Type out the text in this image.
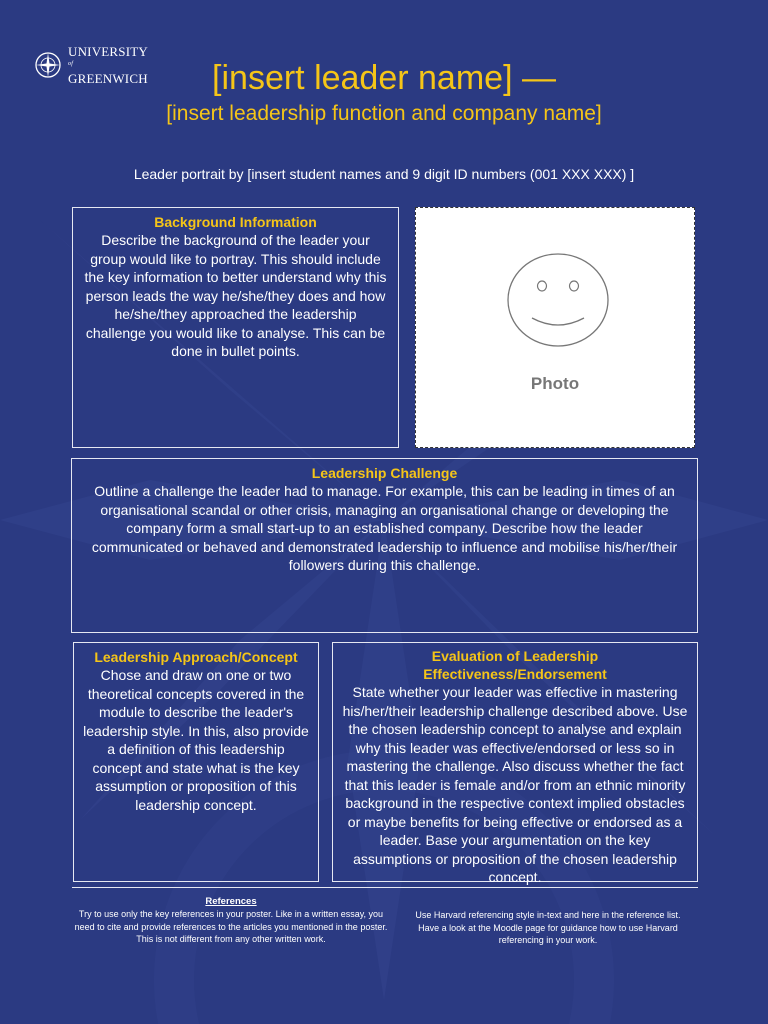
UNIVERSITY
$^{of}$
GREENWICH	[insert leader name] —
[insert leadership function and company name]
Leader portrait by [insert student names and 9 digit ID numbers (001 XXX XXX) ]
Background Information
Describe the background of the leader your group would like to portray. This should include the key information to better understand why this person leads the way he/she/they does and how he/she/they approached the leadership challenge you would like to analyse. This can be done in bullet points.
Photo
Leadership Challenge
Outline a challenge the leader had to manage. For example, this can be leading in times of an organisational scandal or other crisis, managing an organisational change or developing the company form a small start-up to an established company. Describe how the leader communicated or behaved and demonstrated leadership to influence and mobilise his/her/their followers during this challenge.
Leadership Approach/Concept
Chose and draw on one or two theoretical concepts covered in the module to describe the leader's leadership style. In this, also provide a definition of this leadership concept and state what is the key assumption or proposition of this leadership concept.
Evaluation of Leadership Effectiveness/Endorsement
State whether your leader was effective in mastering his/her/their leadership challenge described above. Use the chosen leadership concept to analyse and explain why this leader was effective/endorsed or less so in mastering the challenge. Also discuss whether the fact that this leader is female and/or from an ethnic minority background in the respective context implied obstacles or maybe benefits for being effective or endorsed as a leader. Base your argumentation on the key assumptions or proposition of the chosen leadership concept.
References
Try to use only the key references in your poster. Like in a written essay, you need to cite and provide references to the articles you mentioned in the poster.
This is not different from any other written work.
Use Harvard referencing style in-text and here in the reference list. Have a look at the Moodle page for guidance how to use Harvard referencing in your work.
